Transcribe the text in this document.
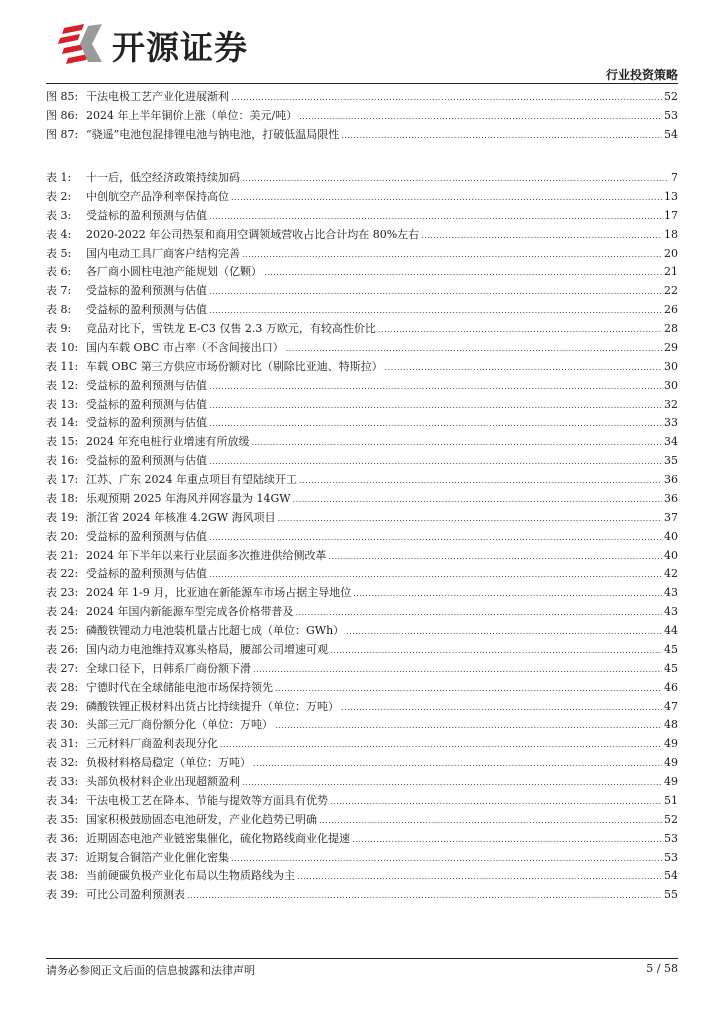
开源证券
行业投资策略
图 85: 干法电极工艺产业化进展渐利 .....	52
图 86: 2024 年上半年铜价上涨（单位：美元/吨） .....	53
图 87: “骁遥”电池包混排锂电池与钠电池，打破低温局限性 .....	54
表 1:	十一后，低空经济政策持续加码 .....	7
表 2:	中创航空产品净利率保持高位 .....	13
表 3:	受益标的盈利预测与估值 .....	17
表 4:	2020-2022 年公司热泵和商用空调领域营收占比合计均在 80%左右 .....	18
表 5:	国内电动工具厂商客户结构完善 .....	20
表 6:	各厂商小圆柱电池产能规划（亿颗） .....	21
表 7:	受益标的盈利预测与估值 .....	22
表 8:	受益标的盈利预测与估值 .....	26
表 9:	竞品对比下，雪铁龙 E-C3 仅售 2.3 万欧元，有较高性价比 .....	28
表 10: 国内车载 OBC 市占率（不含间接出口） .....	29
表 11: 车载 OBC 第三方供应市场份额对比（剔除比亚迪、特斯拉） .....	30
表 12: 受益标的盈利预测与估值 .....	30
表 13: 受益标的盈利预测与估值 .....	32
表 14: 受益标的盈利预测与估值 .....	33
表 15: 2024 年充电桩行业增速有所放缓 .....	34
表 16: 受益标的盈利预测与估值 .....	35
表 17: 江苏、广东 2024 年重点项目有望陆续开工 .....	36
表 18: 乐观预期 2025 年海风并网容量为 14GW .....	36
表 19: 浙江省 2024 年核准 4.2GW 海风项目 .....	37
表 20: 受益标的盈利预测与估值 .....	40
表 21: 2024 年下半年以来行业层面多次推进供给侧改革 .....	40
表 22: 受益标的盈利预测与估值 .....	42
表 23: 2024 年 1-9 月，比亚迪在新能源车市场占据主导地位 .....	43
表 24: 2024 年国内新能源车型完成各价格带普及 .....	43
表 25: 磷酸铁锂动力电池装机量占比超七成（单位：GWh） .....	44
表 26: 国内动力电池维持双寡头格局，腰部公司增速可观 .....	45
表 27: 全球口径下，日韩系厂商份额下滑 .....	45
表 28: 宁德时代在全球储能电池市场保持领先 .....	46
表 29: 磷酸铁锂正极材料出货占比持续提升（单位：万吨） .....	47
表 30: 头部三元厂商份额分化（单位：万吨） .....	48
表 31: 三元材料厂商盈利表现分化 .....	49
表 32: 负极材料格局稳定（单位：万吨） .....	49
表 33: 头部负极材料企业出现超额盈利 .....	49
表 34: 干法电极工艺在降本、节能与提效等方面具有优势 .....	51
表 35: 国家积极鼓励固态电池研发，产业化趋势已明确 .....	52
表 36: 近期固态电池产业链密集催化，硫化物路线商业化提速 .....	53
表 37: 近期复合铜箔产业化催化密集 .....	53
表 38: 当前硬碳负极产业化布局以生物质路线为主 .....	54
表 39: 可比公司盈利预测表 .....	55
请务必参阅正文后面的信息披露和法律声明	5 / 58
